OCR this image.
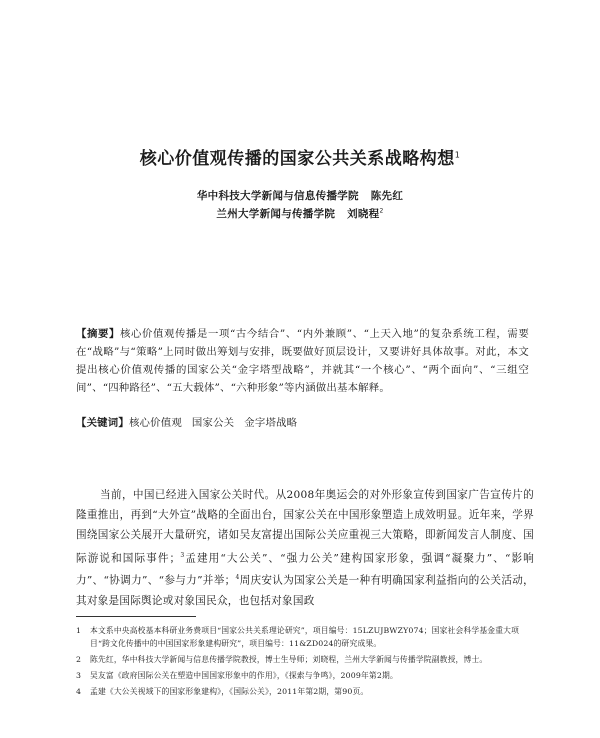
核心价值观传播的国家公共关系战略构想$^1$
华中科技大学新闻与信息传播学院 陈先红
兰州大学新闻与传播学院 刘晓程$^2$
【摘要】核心价值观传播是一项“古今结合”、“内外兼顾”、“上天入地”的复杂系统工程，需要在“战略”与“策略”上同时做出筹划与安排，既要做好顶层设计，又要讲好具体故事。对此，本文提出核心价值观传播的国家公关“金字塔型战略”，并就其“一个核心”、“两个面向”、“三组空间”、“四种路径”、“五大载体”、“六种形象”等内涵做出基本解释。
【关键词】核心价值观 国家公关 金字塔战略
当前，中国已经进入国家公关时代。从2008年奥运会的对外形象宣传到国家广告宣传片的隆重推出，再到“大外宣”战略的全面出台，国家公关在中国形象塑造上成效明显。近年来，学界围绕国家公关展开大量研究，诸如吴友富提出国际公关应重视三大策略，即新闻发言人制度、国际游说和国际事件；$^3$孟建用“大公关”、“强力公关”建构国家形象，强调“凝聚力”、“影响力”、“协调力”、“参与力”并举；$^4$周庆安认为国家公关是一种有明确国家利益指向的公关活动，其对象是国际舆论或对象国民众，也包括对象国政
1	本文系中央高校基本科研业务费项目“国家公共关系理论研究”，项目编号：15LZUJBWZY074；国家社会科学基金重大项目“跨文化传播中的中国国家形象建构研究”，项目编号：11&ZD024的研究成果。
2	陈先红，华中科技大学新闻与信息传播学院教授，博士生导师；刘晓程，兰州大学新闻与传播学院副教授，博士。
3	吴友富《政府国际公关在塑造中国国家形象中的作用》，《探索与争鸣》，2009年第2期。
4	孟建《大公关视域下的国家形象建构》，《国际公关》，2011年第2期，第90页。
